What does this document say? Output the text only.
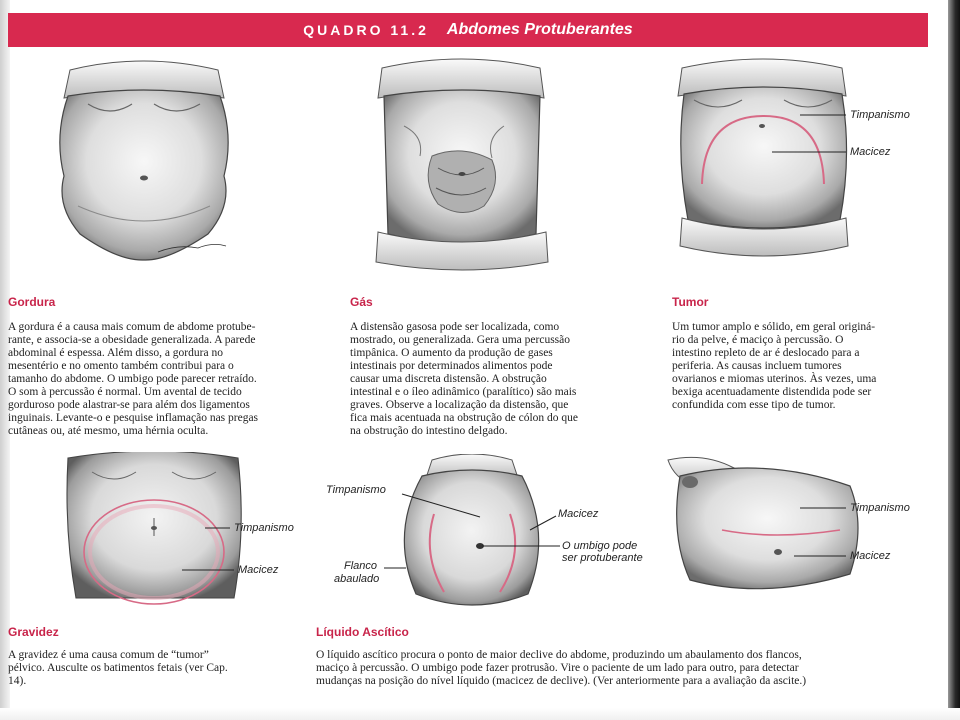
QUADRO 11.2 Abdomes Protuberantes
Timpanismo
Macicez
Timpanismo
Macicez
Timpanismo
Macicez
O umbigo pode
ser protuberante
Flanco
abaulado
Timpanismo
Macicez
Gordura
A gordura é a causa mais comum de abdome protube-
rante, e associa-se a obesidade generalizada. A parede
abdominal é espessa. Além disso, a gordura no
mesentério e no omento também contribui para o
tamanho do abdome. O umbigo pode parecer retraído.
O som à percussão é normal. Um avental de tecido
gorduroso pode alastrar-se para além dos ligamentos
inguinais. Levante-o e pesquise inflamação nas pregas
cutâneas ou, até mesmo, uma hérnia oculta.
Gás
A distensão gasosa pode ser localizada, como
mostrado, ou generalizada. Gera uma percussão
timpânica. O aumento da produção de gases
intestinais por determinados alimentos pode
causar uma discreta distensão. A obstrução
intestinal e o íleo adinâmico (paralítico) são mais
graves. Observe a localização da distensão, que
fica mais acentuada na obstrução de cólon do que
na obstrução do intestino delgado.
Tumor
Um tumor amplo e sólido, em geral originá-
rio da pelve, é maciço à percussão. O
intestino repleto de ar é deslocado para a
periferia. As causas incluem tumores
ovarianos e miomas uterinos. Às vezes, uma
bexiga acentuadamente distendida pode ser
confundida com esse tipo de tumor.
Gravidez
A gravidez é uma causa comum de “tumor”
pélvico. Ausculte os batimentos fetais (ver Cap.
14).
Líquido Ascítico
O líquido ascítico procura o ponto de maior declive do abdome, produzindo um abaulamento dos flancos,
maciço à percussão. O umbigo pode fazer protrusão. Vire o paciente de um lado para outro, para detectar
mudanças na posição do nível líquido (macicez de declive). (Ver anteriormente para a avaliação da ascite.)
